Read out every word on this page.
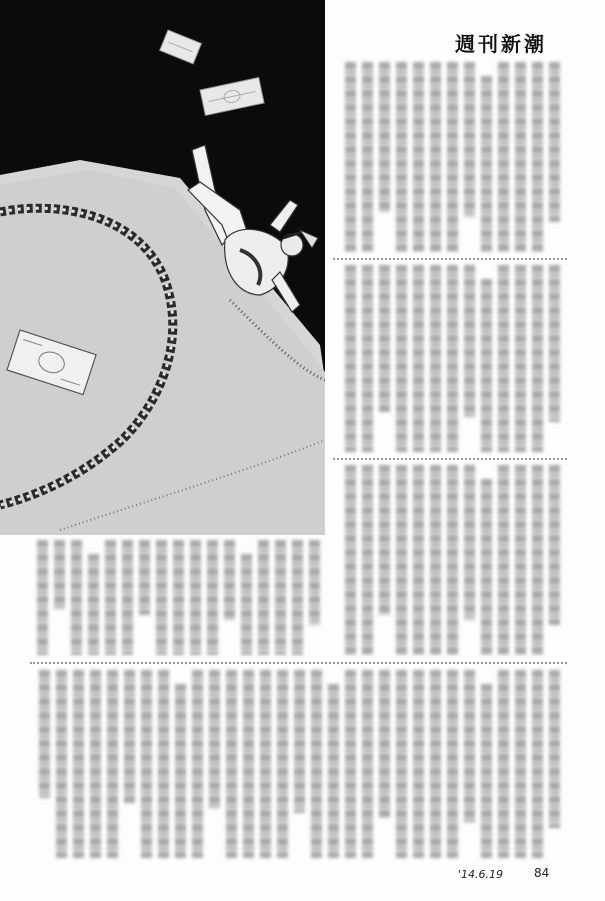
週刊新潮
'14.6.19	84
